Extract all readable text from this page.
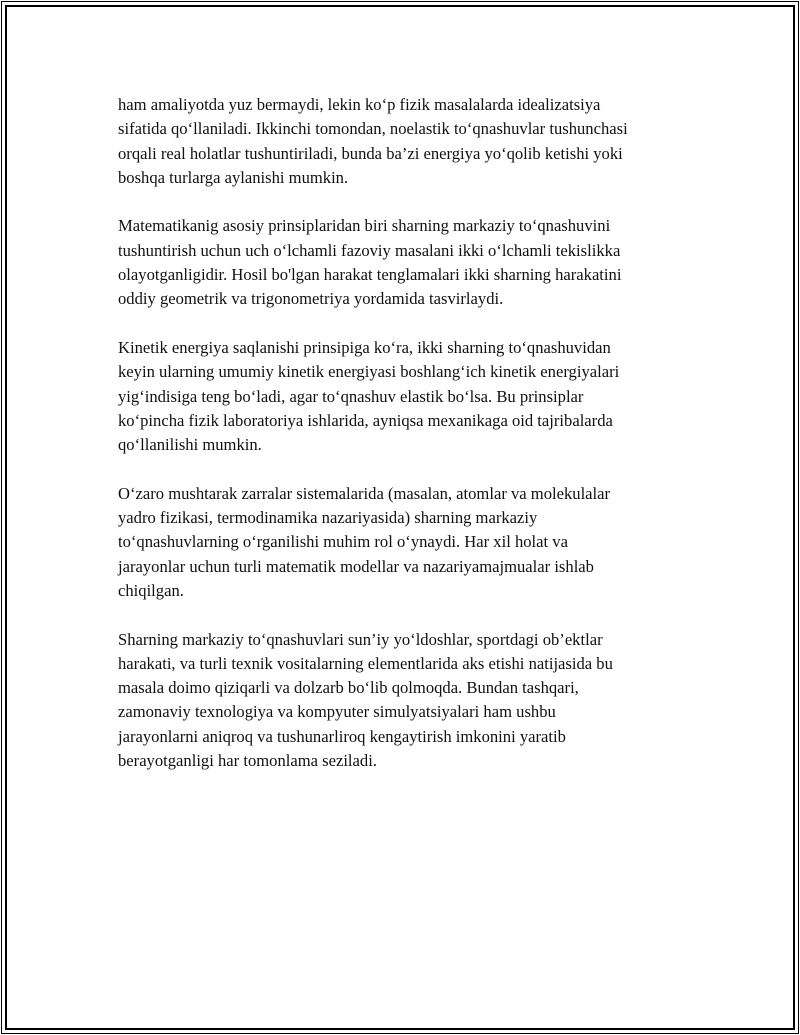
ham amaliyotda yuz bermaydi, lekin ko‘p fizik masalalarda idealizatsiya
sifatida qo‘llaniladi. Ikkinchi tomondan, noelastik to‘qnashuvlar tushunchasi
orqali real holatlar tushuntiriladi, bunda ba’zi energiya yo‘qolib ketishi yoki
boshqa turlarga aylanishi mumkin.

Matematikanig asosiy prinsiplaridan biri sharning markaziy to‘qnashuvini
tushuntirish uchun uch o‘lchamli fazoviy masalani ikki o‘lchamli tekislikka
olayotganligidir. Hosil bo'lgan harakat tenglamalari ikki sharning harakatini
oddiy geometrik va trigonometriya yordamida tasvirlaydi.

Kinetik energiya saqlanishi prinsipiga ko‘ra, ikki sharning to‘qnashuvidan
keyin ularning umumiy kinetik energiyasi boshlang‘ich kinetik energiyalari
yig‘indisiga teng bo‘ladi, agar to‘qnashuv elastik bo‘lsa. Bu prinsiplar
ko‘pincha fizik laboratoriya ishlarida, ayniqsa mexanikaga oid tajribalarda
qo‘llanilishi mumkin.

O‘zaro mushtarak zarralar sistemalarida (masalan, atomlar va molekulalar
yadro fizikasi, termodinamika nazariyasida) sharning markaziy
to‘qnashuvlarning o‘rganilishi muhim rol o‘ynaydi. Har xil holat va
jarayonlar uchun turli matematik modellar va nazariyamajmualar ishlab
chiqilgan.

Sharning markaziy to‘qnashuvlari sun’iy yo‘ldoshlar, sportdagi ob’ektlar
harakati, va turli texnik vositalarning elementlarida aks etishi natijasida bu
masala doimo qiziqarli va dolzarb bo‘lib qolmoqda. Bundan tashqari,
zamonaviy texnologiya va kompyuter simulyatsiyalari ham ushbu
jarayonlarni aniqroq va tushunarliroq kengaytirish imkonini yaratib
berayotganligi har tomonlama seziladi.
